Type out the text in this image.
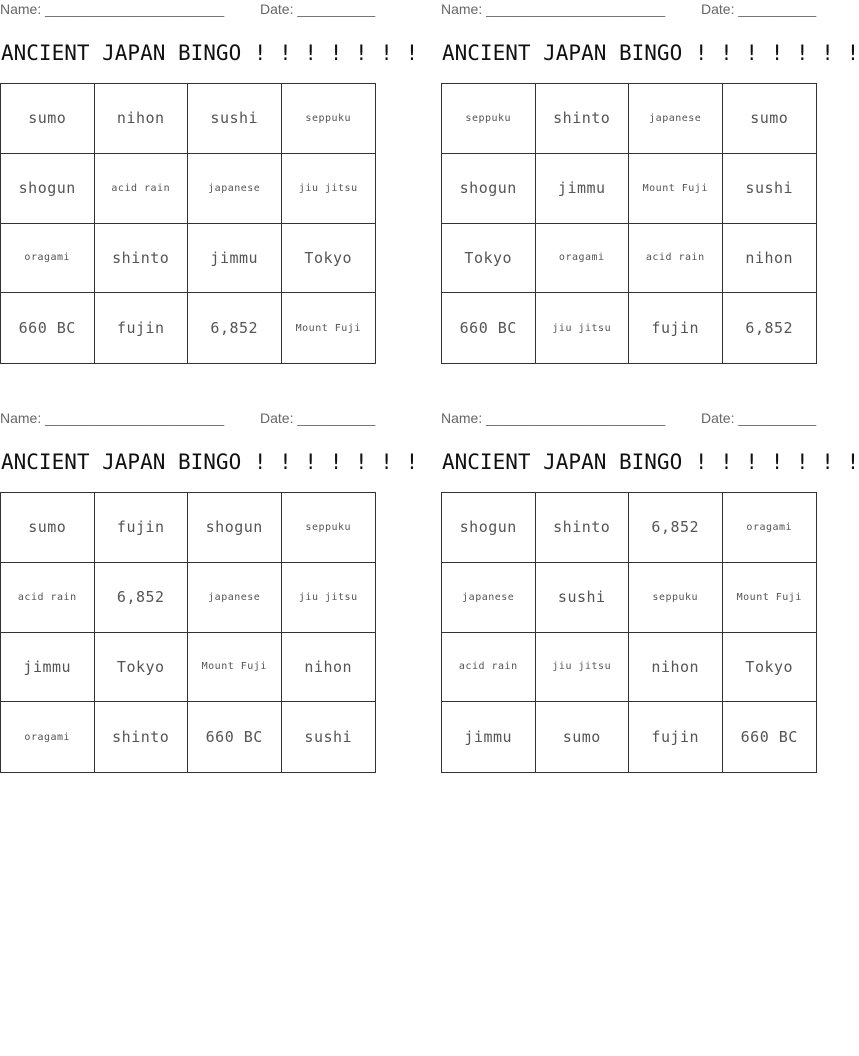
Name: _______________________	Date: __________
ANCIENT JAPAN BINGO ! ! ! ! ! ! !
sumo	nihon	sushi	seppuku
shogun	acid rain	japanese	jiu jitsu
oragami	shinto	jimmu	Tokyo
660 BC	fujin	6,852	Mount Fuji
Name: _______________________	Date: __________
ANCIENT JAPAN BINGO ! ! ! ! ! ! !
seppuku	shinto	japanese	sumo
shogun	jimmu	Mount Fuji	sushi
Tokyo	oragami	acid rain	nihon
660 BC	jiu jitsu	fujin	6,852
Name: _______________________	Date: __________
ANCIENT JAPAN BINGO ! ! ! ! ! ! !
sumo	fujin	shogun	seppuku
acid rain	6,852	japanese	jiu jitsu
jimmu	Tokyo	Mount Fuji	nihon
oragami	shinto	660 BC	sushi
Name: _______________________	Date: __________
ANCIENT JAPAN BINGO ! ! ! ! ! ! !
shogun	shinto	6,852	oragami
japanese	sushi	seppuku	Mount Fuji
acid rain	jiu jitsu	nihon	Tokyo
jimmu	sumo	fujin	660 BC
